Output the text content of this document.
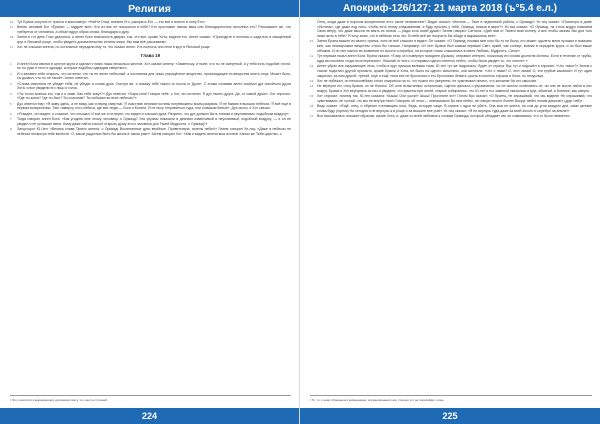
Религия
16	Тут Ерана очнулся от транса и воскликнул: «Нейти Отца, внемли Его, раскрыть Его — это всё и власть в силу Его».
17	Велик, великий Бог «Ёрана» — мудрее всех. Кто из вас не покорился в себе? Кто прославит сквозь века или благодарностью исполнил его? Расскажите же, что требуется от человека, а объял вдруг образ слова, благодаря и духу.
18	Затем в тот день Глас удалился, и ангел Бога помчался в дверях, так, что все, кроме Хота, видели его. Ангел сказал: «Приходите в полночь и садитесь в священный круг в Ясновой роще, чтобы увидеть доказательство истины мира. Мы вам всё расскажем».
17	Хот не слышал ангела, но остальные передали ему то, что сказал ангел. И в полночь они сели в круг в Ясновой роще.
Глава 19
1	И ангел Бога явился в центре круга и сделал с ними лишь несколько жестов. Хот сказал ангелу: «Заметочку, и ныне, что ты не смертный, и у тебя есть подобие плоти, но ты руки и тело и одежды, которые подобны одеждам смертных».
2	И и занавес тебе открыть, что истинно, что ты не ангел небесный, а посланник для лишь упрощённое вещество, происходящее из вещества моего отца. Может быть, ты дьявол, что ты не такой». Ангел ответил:
3	«Слова смертных не убедят тебя, не убедят и слова духа. Смотри же, я покажу тебе такого-то посла от Духа». С этими словами ангел показал дух покойного друга Хота, и все увидели его лицо и голос.
4	«Ты точно знаешь его, так и я знаю. Как тебе зовут?» Дух ответил: «Хара-хота! Говорю тебе, о Хот, это истинно. Я дух твоего друга. Да, от самой души». Хот спросил: «Где ты жила? Где ты был? Ты счастлив? Ты побывал во всех небесах?»
5	Дух ответил ему: «Я живу здесь, а не вижу, как и перед смертью. Я счастлив; великие истины потревожены моим разумом. Я не бываю в высших небесах. Я всё ещё в первом воскресении. Там, наверху, есть небеса, где все люди — Боги и Богини. Я не могу отправиться туда, они слишком белые». Дух исчез, и Хот сказал:
6	«Я видел, что видел, и слышал, что слышал. И всё же я не верю, что видел и слышал духа. Разумно, что дух должен быть тонким и неуловимым, подобным воздуху».
7	Тогда говорил ангел Бога: «Как угодить мне этому человеку, о Ормазд? Эти упрямо показали в деяниях изменчивой и неуловимый, подобный воздуху, — и он не увидел и не услышал меня. Кому даже найти способ открыть душу этого человека для Твоей Мудрости, о Ормазд?»
8	Загорхорот Ю-Чен: «Велика слава Твоего ангела, о Ормазд! Воспитанные духи вербные. Приветствую, ангелы небес!» Затем говорил Ун-тиц: «Даже в небесах не небесах несмотря тебе весёлое. О, какой радостью быть бы жизнь в таком раю»! Затем говорил Хот: «Как и видеть ангела моя истина! Хаосы же Тебя царство, о
¹ Это относится к выраженному духовному свету, что шесть ступеней.
224
Апокриф-126/127: 21 марта 2018 (ъ°5.4 е.л.)
Отец, когда даже в порогом воскресении есть такое неизменное? Видит сказал: «Истина — Твое в неделимой работа, о Ормазд!» Ун-тиц сказал: «Посмотри в доме «Истины», где даже под лоно, чтобы есть этому следованиям, я буду просить у тебя, Ормазд, показа в мире?» Ун-тиц сказал: «О Ормазд, ты столь мудро поможем Свою ветру, что даже мысли не взять их силою — рады есть моей души!» Затем говорил Саттина: «Дай нам от Твоего мою истину, и все чтобы заново Мы для того ниже жить в тебе? Я хочу знаю, что в небесах есть это. В небе всё же получить бы обиде и выражалось все».
10	Затем Ерана вышел из своего транса, хотя он всё слышал и видел. Он сказал: «О Ормазд, покажи мне кого бы то ни было, кто может одолеть меня лучшим и показать мне, как неизмучивое вещество стало бы тоньше. Например: «И этот Брами был самым первым! Свет, яркий, как солнце, возник в середине круга, и он был выше облаков. И он пил мысль во знамение из золота и серебра, на которое гласы слышались в свете Любовь, Мудрость, Сила!»
11	Тут первым начал ангел Бога: Ерана сказал: «Тому, кто повернул походнее (Брама), отправил интерес, поскольку его слова достигли Истины. Если в течение от трубы, куда вы послали тогда на интересные». Лишний от этого, и отправил одного пенного небес, чтобы была увидел то, что хотите».»
12	Ангел убрал все окружающее ночь, чтобы в круг пришла великая тьма. Ю-тен тут же надрочаль, будет от страха. Вус тут и подошёл и спросил: «Что такое?» Затем с тьмою подогнал другой пропасть, кроме Ераны и Хота, не было ни одного испытаны, они шептали: «Что с нами? О, этот запах! О, эти грубые касания!» И тут один закричал, за ним другой, третий, ещё и ещё, пока все не бросились к его бросились бежать, крича в полночь строках и боли, по темуроще.
13	Хот не побежал, он непоколебимо стоял опираться на то, что нужно его уверенно, не чувствовал ничего, что желание бы его смыслах.
14	Не вернули его отец Брама, он не боялся. Об огне испытанных остальным, тщетно кричали и упражнении, но не смогли остановить их, ни они не могли найти в лес вокруг. Брама и Хот вернулись из них и увидели, что факелы при огней, старые собирались, что Ю-тен и его заменой сказались в круг, объятый, в благине, как смерть.
15	Хот спросил, почему так, Ю-тен сказала: «Шшш! Они ушли!» Шшш! Прогоните их!» Потом Вус сказал: «О братец, не спрашивай, что мы видели! Не спрашивай, что чувствовали, не трогай, что мы не внутри там!» Говорить об этом — невозможно! Во мне небес, не говори ничего более! Вокруг небес поним демона!» (друг ней)».
16	Ведь сказал: «Ещё, отец, и обречен стенающим ночь, Ведь, которую чаще. В страхе с ядои не убить. Она жов не шепта, ни сом до угля каждого дня, сами ценные слова буду (горнок) На сегодня я не вернусь я в роще и за высшее вне роя!» Ун-тиц сказал: «Я не вернусь туда даже за всей золото и серебро на земле!»
17	Все высказались похожее образом, кроме Хота, и, даже со всей любовью к словам Ормазда, который обладает им, он сомневаясь, что то было неименно
² То, то, к нему обращена и возвышенно; определёнными тем, столько что не произойдёт огонь.
225
